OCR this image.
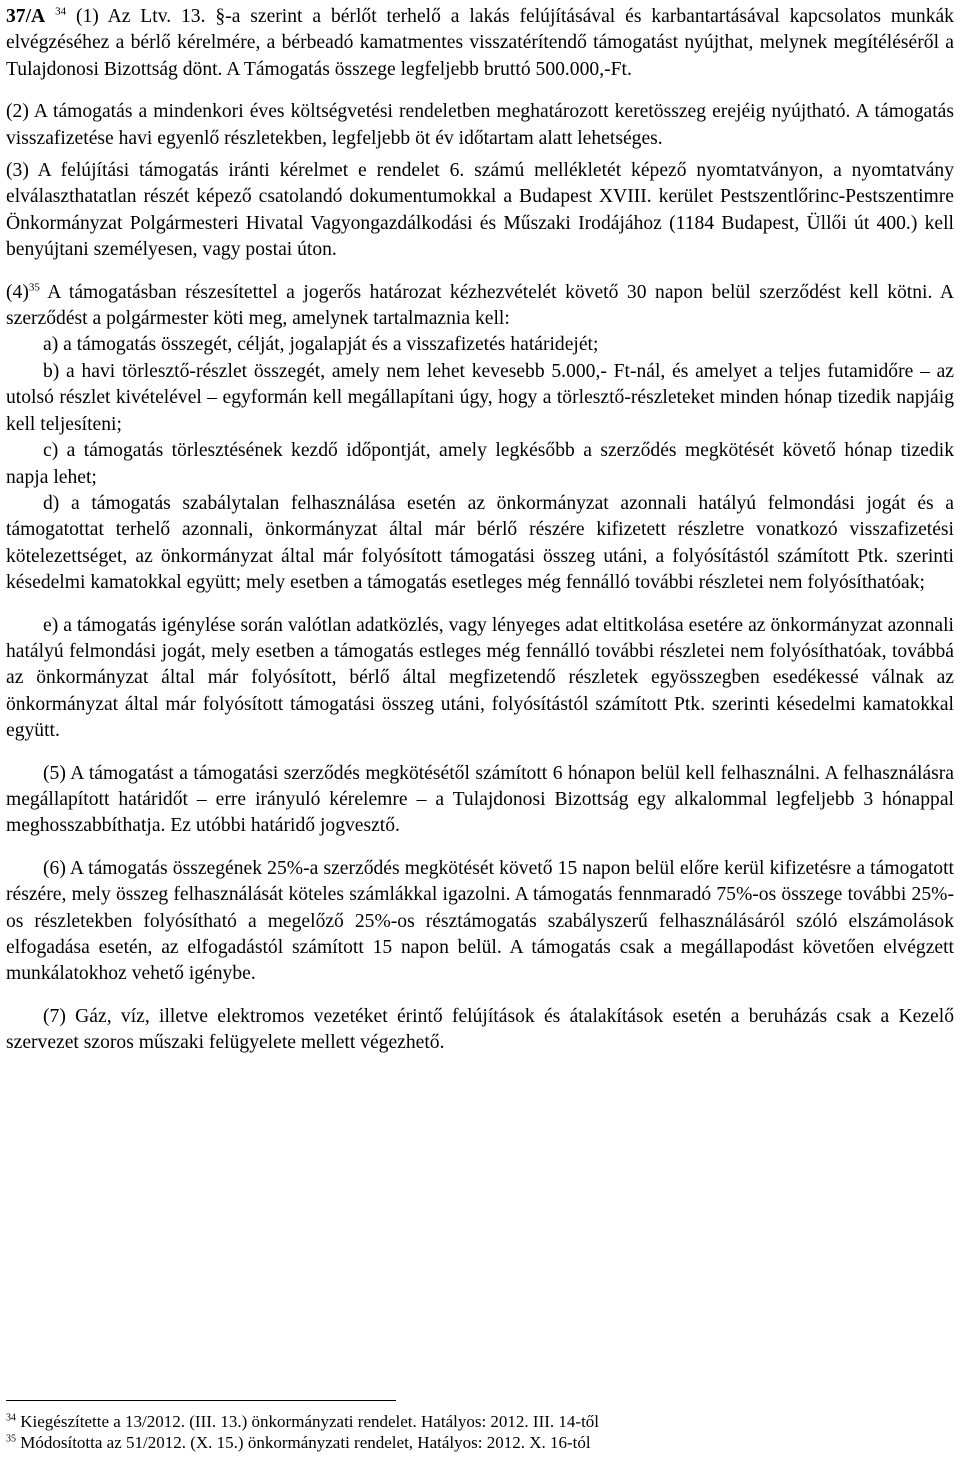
37/A $^{34}$ (1) Az Ltv. 13. §-a szerint a bérlőt terhelő a lakás felújításával és karbantartásával kapcsolatos munkák elvégzéséhez a bérlő kérelmére, a bérbeadó kamatmentes visszatérítendő támogatást nyújthat, melynek megítéléséről a Tulajdonosi Bizottság dönt. A Támogatás összege legfeljebb bruttó 500.000,-Ft.

(2) A támogatás a mindenkori éves költségvetési rendeletben meghatározott keretösszeg erejéig nyújtható. A támogatás visszafizetése havi egyenlő részletekben, legfeljebb öt év időtartam alatt lehetséges.

(3) A felújítási támogatás iránti kérelmet e rendelet 6. számú mellékletét képező nyomtatványon, a nyomtatvány elválaszthatatlan részét képező csatolandó dokumentumokkal a Budapest XVIII. kerület Pestszentlőrinc-Pestszentimre Önkormányzat Polgármesteri Hivatal Vagyongazdálkodási és Műszaki Irodájához (1184 Budapest, Üllői út 400.) kell benyújtani személyesen, vagy postai úton.

$(4)^{35}$ A támogatásban részesítettel a jogerős határozat kézhezvételét követő 30 napon belül szerződést kell kötni. A szerződést a polgármester köti meg, amelynek tartalmaznia kell:

a) a támogatás összegét, célját, jogalapját és a visszafizetés határidejét;

b) a havi törlesztő-részlet összegét, amely nem lehet kevesebb 5.000,- Ft-nál, és amelyet a teljes futamidőre – az utolsó részlet kivételével – egyformán kell megállapítani úgy, hogy a törlesztő-részleteket minden hónap tizedik napjáig kell teljesíteni;

c) a támogatás törlesztésének kezdő időpontját, amely legkésőbb a szerződés megkötését követő hónap tizedik napja lehet;

d) a támogatás szabálytalan felhasználása esetén az önkormányzat azonnali hatályú felmondási jogát és a támogatottat terhelő azonnali, önkormányzat által már bérlő részére kifizetett részletre vonatkozó visszafizetési kötelezettséget, az önkormányzat által már folyósított támogatási összeg utáni, a folyósítástól számított Ptk. szerinti késedelmi kamatokkal együtt; mely esetben a támogatás esetleges még fennálló további részletei nem folyósíthatóak;

e) a támogatás igénylése során valótlan adatközlés, vagy lényeges adat eltitkolása esetére az önkormányzat azonnali hatályú felmondási jogát, mely esetben a támogatás estleges még fennálló további részletei nem folyósíthatóak, továbbá az önkormányzat által már folyósított, bérlő által megfizetendő részletek egyösszegben esedékessé válnak az önkormányzat által már folyósított támogatási összeg utáni, folyósítástól számított Ptk. szerinti késedelmi kamatokkal együtt.

(5) A támogatást a támogatási szerződés megkötésétől számított 6 hónapon belül kell felhasználni. A felhasználásra megállapított határidőt – erre irányuló kérelemre – a Tulajdonosi Bizottság egy alkalommal legfeljebb 3 hónappal meghosszabbíthatja. Ez utóbbi határidő jogvesztő.

(6) A támogatás összegének 25%-a szerződés megkötését követő 15 napon belül előre kerül kifizetésre a támogatott részére, mely összeg felhasználását köteles számlákkal igazolni. A támogatás fennmaradó 75%-os összege további 25%-os részletekben folyósítható a megelőző 25%-os résztámogatás szabályszerű felhasználásáról szóló elszámolások elfogadása esetén, az elfogadástól számított 15 napon belül. A támogatás csak a megállapodást követően elvégzett munkálatokhoz vehető igénybe.

(7) Gáz, víz, illetve elektromos vezetéket érintő felújítások és átalakítások esetén a beruházás csak a Kezelő szervezet szoros műszaki felügyelete mellett végezhető.

$^{34}$ Kiegészítette a 13/2012. (III. 13.) önkormányzati rendelet. Hatályos: 2012. III. 14-től

$^{35}$ Módosította az 51/2012. (X. 15.) önkormányzati rendelet, Hatályos: 2012. X. 16-tól
